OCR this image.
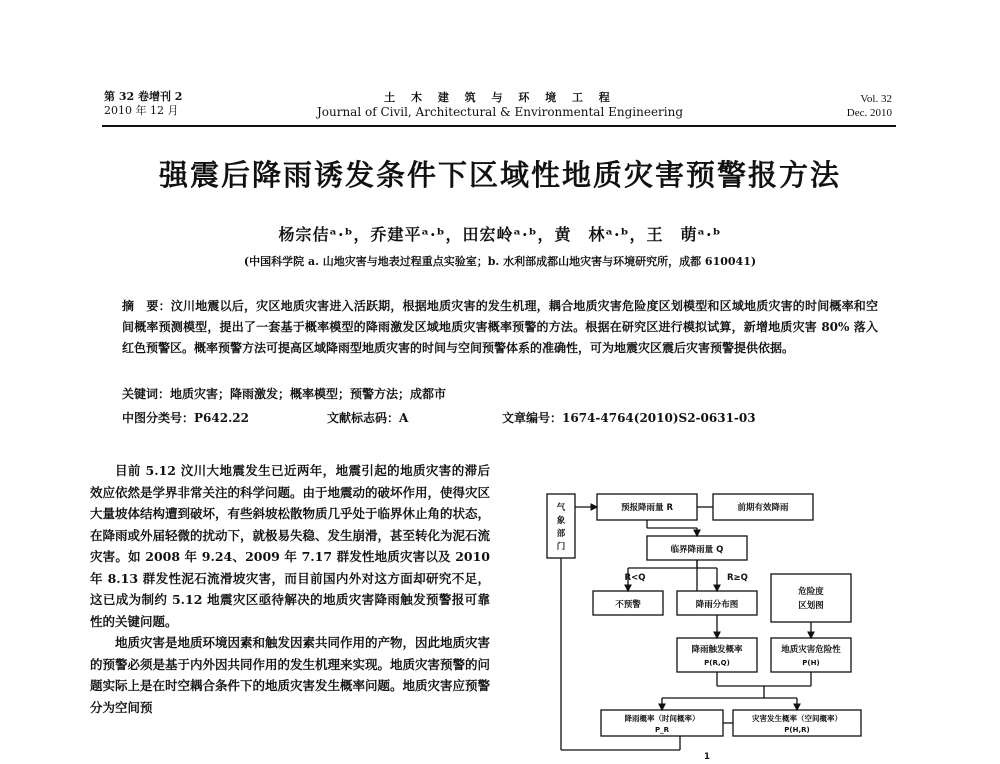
第 32 卷增刊 2
2010 年 12 月
土 木 建 筑 与 环 境 工 程
Journal of Civil, Architectural & Environmental Engineering
Vol. 32
Dec. 2010
强震后降雨诱发条件下区域性地质灾害预警报方法
杨宗佶ᵃ·ᵇ，乔建平ᵃ·ᵇ，田宏岭ᵃ·ᵇ，黄　林ᵃ·ᵇ，王　萌ᵃ·ᵇ
(中国科学院 a. 山地灾害与地表过程重点实验室；b. 水利部成都山地灾害与环境研究所，成都 610041)
摘　要：汶川地震以后，灾区地质灾害进入活跃期，根据地质灾害的发生机理，耦合地质灾害危险度区划模型和区域地质灾害的时间概率和空间概率预测模型，提出了一套基于概率模型的降雨激发区域地质灾害概率预警的方法。根据在研究区进行模拟试算，新增地质灾害 80% 落入红色预警区。概率预警方法可提高区域降雨型地质灾害的时间与空间预警体系的准确性，可为地震灾区震后灾害预警提供依据。
关键词：地质灾害；降雨激发；概率模型；预警方法；成都市
中图分类号：P642.22	文献标志码：A	文章编号：1674-4764(2010)S2-0631-03

目前 5.12 汶川大地震发生已近两年，地震引起的地质灾害的滞后效应依然是学界非常关注的科学问题。由于地震动的破坏作用，使得灾区大量坡体结构遭到破坏，有些斜坡松散物质几乎处于临界休止角的状态，在降雨或外届轻微的扰动下，就极易失稳、发生崩滑，甚至转化为泥石流灾害。如 2008 年 9.24、2009 年 7.17 群发性地质灾害以及 2010 年 8.13 群发性泥石流滑坡灾害，而目前国内外对这方面却研究不足，这已成为制约 5.12 地震灾区亟待解决的地质灾害降雨触发预警报可靠性的关键问题。

地质灾害是地质环境因素和触发因素共同作用的产物，因此地质灾害的预警必须是基于内外因共同作用的发生机理来实现。地质灾害预警的问题实际上是在时空耦合条件下的地质灾害发生概率问题。地质灾害应预警分为空间预

气
象
部
门
预报降雨量 R	前期有效降雨
临界降雨量 Q
R<Q	R≥Q
不预警	降雨分布图
危险度
区划图
降雨触发概率
P(R,Q)
地质灾害危险性
P(H)
降雨概率（时间概率）
P_R
灾害发生概率（空间概率）
P(H,R)
1
